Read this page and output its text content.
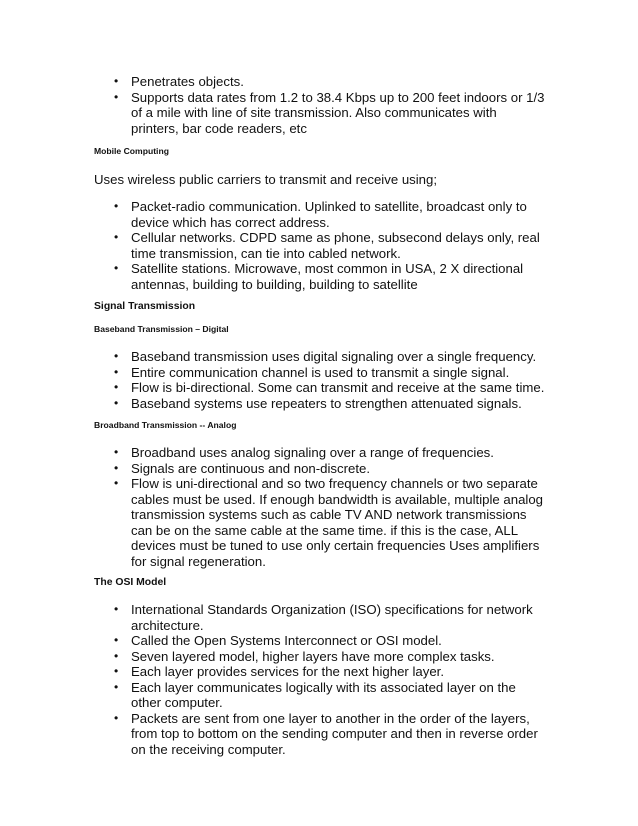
• Penetrates objects.
• Supports data rates from 1.2 to 38.4 Kbps up to 200 feet indoors or 1/3 of a mile with line of site transmission. Also communicates with printers, bar code readers, etc
Mobile Computing
Uses wireless public carriers to transmit and receive using;
• Packet-radio communication. Uplinked to satellite, broadcast only to device which has correct address.
• Cellular networks. CDPD same as phone, subsecond delays only, real time transmission, can tie into cabled network.
• Satellite stations. Microwave, most common in USA, 2 X directional antennas, building to building, building to satellite
Signal Transmission
Baseband Transmission – Digital
• Baseband transmission uses digital signaling over a single frequency.
• Entire communication channel is used to transmit a single signal.
• Flow is bi-directional. Some can transmit and receive at the same time.
• Baseband systems use repeaters to strengthen attenuated signals.
Broadband Transmission -- Analog
• Broadband uses analog signaling over a range of frequencies.
• Signals are continuous and non-discrete.
• Flow is uni-directional and so two frequency channels or two separate cables must be used. If enough bandwidth is available, multiple analog transmission systems such as cable TV AND network transmissions can be on the same cable at the same time. if this is the case, ALL devices must be tuned to use only certain frequencies Uses amplifiers for signal regeneration.
The OSI Model
• International Standards Organization (ISO) specifications for network architecture.
• Called the Open Systems Interconnect or OSI model.
• Seven layered model, higher layers have more complex tasks.
• Each layer provides services for the next higher layer.
• Each layer communicates logically with its associated layer on the other computer.
• Packets are sent from one layer to another in the order of the layers, from top to bottom on the sending computer and then in reverse order on the receiving computer.
